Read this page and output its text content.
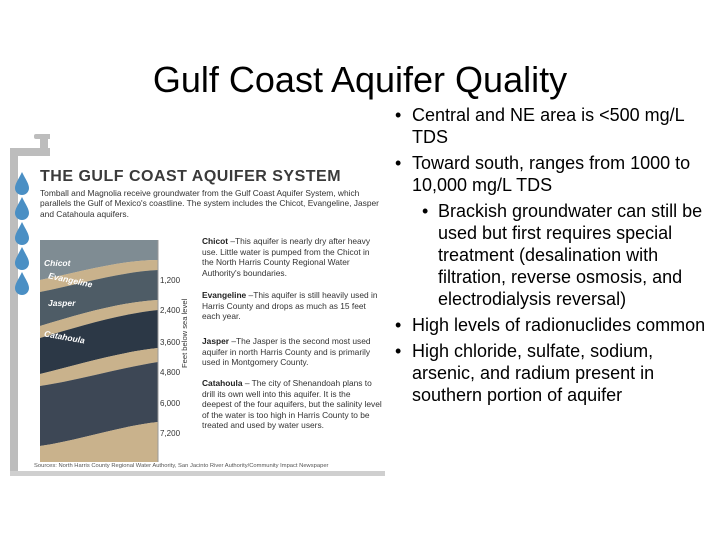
Gulf Coast Aquifer Quality
THE GULF COAST AQUIFER SYSTEM
Tomball and Magnolia receive groundwater from the Gulf Coast Aquifer System, which parallels the Gulf of Mexico's coastline. The system includes the Chicot, Evangeline, Jasper and Catahoula aquifers.
Chicot
Evangeline
Jasper
Catahoula
1,200
2,400
3,600
4,800
6,000
7,200
Feet below sea level
Chicot –This aquifer is nearly dry after heavy use. Little water is pumped from the Chicot in the North Harris County Regional Water Authority's boundaries.
Evangeline –This aquifer is still heavily used in Harris County and drops as much as 15 feet each year.
Jasper –The Jasper is the second most used aquifer in north Harris County and is primarily used in Montgomery County.
Catahoula – The city of Shenandoah plans to drill its own well into this aquifer. It is the deepest of the four aquifers, but the salinity level of the water is too high in Harris County to be treated and used by water users.
Sources: North Harris County Regional Water Authority, San Jacinto River Authority/Community Impact Newspaper
• Central and NE area is <500 mg/L TDS
• Toward south, ranges from 1000 to 10,000 mg/L TDS
• Brackish groundwater can still be used but first requires special treatment (desalination with filtration, reverse osmosis, and electrodialysis reversal)
• High levels of radionuclides common
• High chloride, sulfate, sodium, arsenic, and radium present in southern portion of aquifer
